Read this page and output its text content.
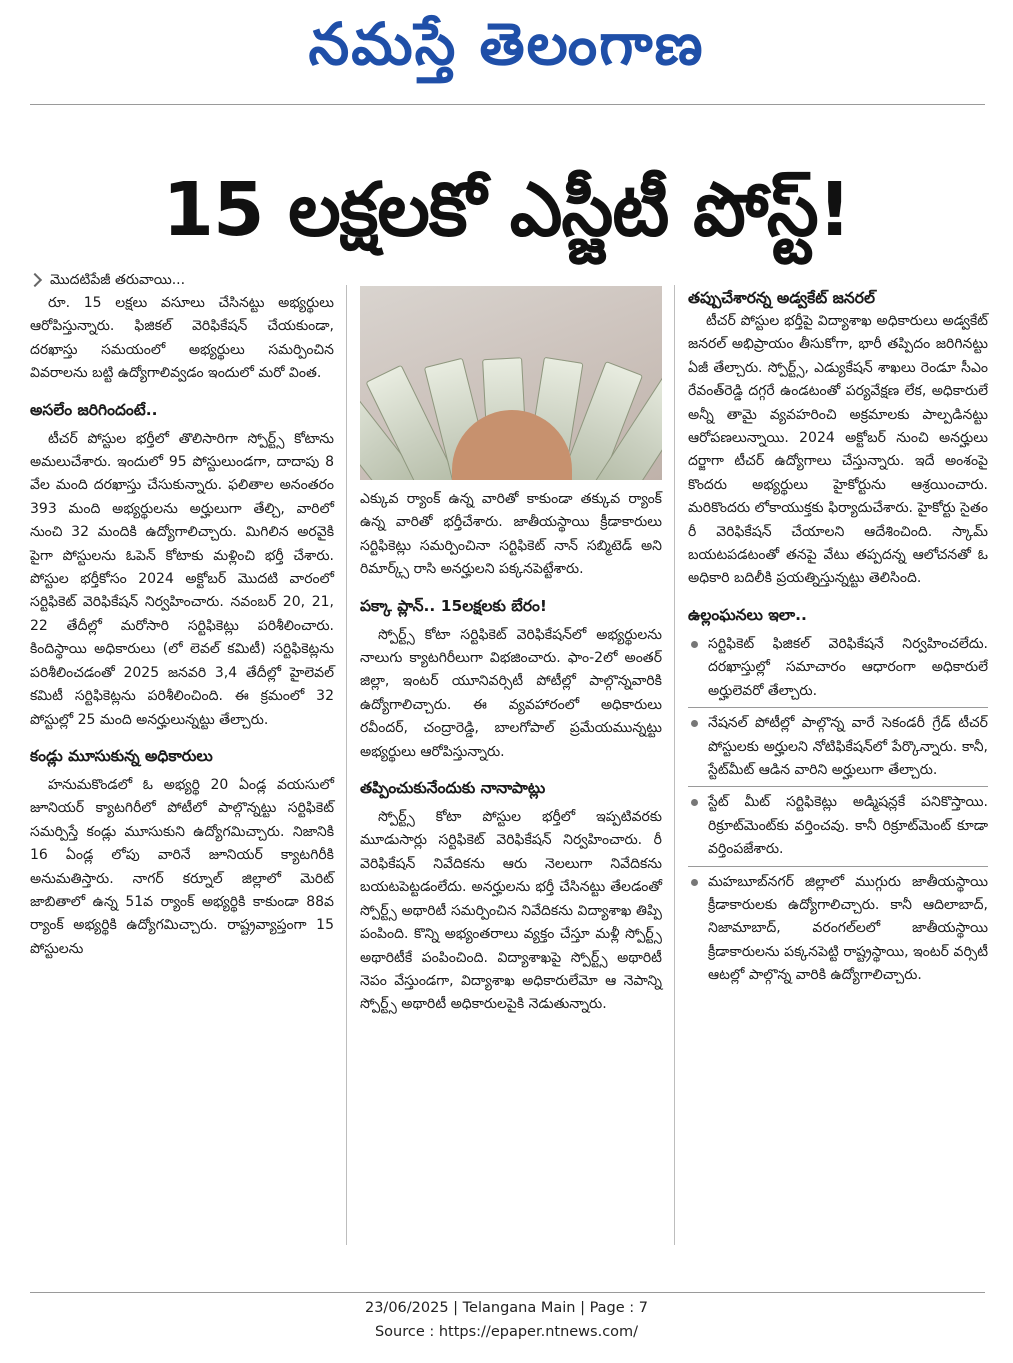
నమస్తే తెలంగాణ
15 లక్షలకో ఎస్జీటీ పోస్ట్!

మొదటిపేజీ తరువాయి...

రూ. 15 లక్షలు వసూలు చేసినట్టు అభ్యర్థులు ఆరోపిస్తున్నారు. ఫిజికల్ వెరిఫికేషన్ చేయకుండా, దరఖాస్తు సమయంలో అభ్యర్థులు సమర్పించిన వివరాలను బట్టి ఉద్యోగాలివ్వడం ఇందులో మరో వింత.

అసలేం జరిగిందంటే..

టీచర్ పోస్టుల భర్తీలో తొలిసారిగా స్పోర్ట్స్ కోటాను అమలుచేశారు. ఇందులో 95 పోస్టులుండగా, దాదాపు 8 వేల మంది దరఖాస్తు చేసుకున్నారు. ఫలితాల అనంతరం 393 మంది అభ్యర్థులను అర్హులుగా తేల్చి, వారిలో నుంచి 32 మందికి ఉద్యోగాలిచ్చారు. మిగిలిన అరవైకి పైగా పోస్టులను ఓపెన్ కోటాకు మళ్లించి భర్తీ చేశారు. పోస్టుల భర్తీకోసం 2024 అక్టోబర్ మొదటి వారంలో సర్టిఫికెట్ వెరిఫికేషన్ నిర్వహించారు. నవంబర్ 20, 21, 22 తేదీల్లో మరోసారి సర్టిఫికెట్లు పరిశీలించారు. కిందిస్థాయి అధికారులు (లో లెవల్ కమిటీ) సర్టిఫికెట్లను పరిశీలించడంతో 2025 జనవరి 3,4 తేదీల్లో హైలెవల్ కమిటీ సర్టిఫికెట్లను పరిశీలించింది. ఈ క్రమంలో 32 పోస్టుల్లో 25 మంది అనర్హులున్నట్టు తేల్చారు.

కండ్లు మూసుకున్న అధికారులు

హనుమకొండలో ఓ అభ్యర్థి 20 ఏండ్ల వయసులో జూనియర్ క్యాటగిరీలో పోటీలో పాల్గొన్నట్టు సర్టిఫికెట్ సమర్పిస్తే కండ్లు మూసుకుని ఉద్యోగమిచ్చారు. నిజానికి 16 ఏండ్ల లోపు వారినే జూనియర్ క్యాటగిరీకి అనుమతిస్తారు. నాగర్ కర్నూల్ జిల్లాలో మెరిట్ జాబితాలో ఉన్న 51వ ర్యాంక్ అభ్యర్థికి కాకుండా 88వ ర్యాంక్ అభ్యర్థికి ఉద్యోగమిచ్చారు. రాష్ట్రవ్యాప్తంగా 15 పోస్టులను

ఎక్కువ ర్యాంక్ ఉన్న వారితో కాకుండా తక్కువ ర్యాంక్ ఉన్న వారితో భర్తీచేశారు. జాతీయస్థాయి క్రీడాకారులు సర్టిఫికెట్లు సమర్పించినా సర్టిఫికెట్ నాన్ సబ్మిటెడ్ అని రిమార్క్స్ రాసి అనర్హులని పక్కనపెట్టేశారు.

పక్కా ప్లాన్.. 15లక్షలకు బేరం!

స్పోర్ట్స్ కోటా సర్టిఫికెట్ వెరిఫికేషన్‌లో అభ్యర్థులను నాలుగు క్యాటగిరీలుగా విభజించారు. ఫాం-2లో అంతర్ జిల్లా, ఇంటర్ యూనివర్సిటీ పోటీల్లో పాల్గొన్నవారికి ఉద్యోగాలిచ్చారు. ఈ వ్యవహారంలో అధికారులు రవీందర్, చంద్రారెడ్డి, బాలగోపాల్ ప్రమేయమున్నట్టు అభ్యర్థులు ఆరోపిస్తున్నారు.

తప్పించుకునేందుకు నానాపాట్లు

స్పోర్ట్స్ కోటా పోస్టుల భర్తీలో ఇప్పటివరకు మూడుసార్లు సర్టిఫికెట్ వెరిఫికేషన్ నిర్వహించారు. రీ వెరిఫికేషన్ నివేదికను ఆరు నెలలుగా నివేదికను బయటపెట్టడంలేదు. అనర్హులను భర్తీ చేసినట్టు తేలడంతో స్పోర్ట్స్ అథారిటీ సమర్పించిన నివేదికను విద్యాశాఖ తిప్పి పంపింది. కొన్ని అభ్యంతరాలు వ్యక్తం చేస్తూ మళ్లీ స్పోర్ట్స్ అథారిటీకే పంపించింది. విద్యాశాఖపై స్పోర్ట్స్ అథారిటీ నెపం వేస్తుండగా, విద్యాశాఖ అధికారులేమో ఆ నెపాన్ని స్పోర్ట్స్ అథారిటీ అధికారులపైకి నెడుతున్నారు.

తప్పుచేశారన్న అడ్వకేట్ జనరల్

టీచర్ పోస్టుల భర్తీపై విద్యాశాఖ అధికారులు అడ్వకేట్ జనరల్ అభిప్రాయం తీసుకోగా, భారీ తప్పిదం జరిగినట్టు ఏజీ తేల్చారు. స్పోర్ట్స్, ఎడ్యుకేషన్ శాఖలు రెండూ సీఎం రేవంత్‌రెడ్డి దగ్గరే ఉండటంతో పర్యవేక్షణ లేక, అధికారులే అన్నీ తామై వ్యవహరించి అక్రమాలకు పాల్పడినట్టు ఆరోపణలున్నాయి. 2024 అక్టోబర్ నుంచి అనర్హులు దర్జాగా టీచర్ ఉద్యోగాలు చేస్తున్నారు. ఇదే అంశంపై కొందరు అభ్యర్థులు హైకోర్టును ఆశ్రయించారు. మరికొందరు లోకాయుక్తకు ఫిర్యాదుచేశారు. హైకోర్టు సైతం రీ వెరిఫికేషన్ చేయాలని ఆదేశించింది. స్కామ్ బయటపడటంతో తనపై వేటు తప్పదన్న ఆలోచనతో ఓ అధికారి బదిలీకి ప్రయత్నిస్తున్నట్టు తెలిసింది.

ఉల్లంఘనలు ఇలా..

సర్టిఫికెట్ ఫిజికల్ వెరిఫికేషనే నిర్వహించలేదు. దరఖాస్తుల్లో సమాచారం ఆధారంగా అధికారులే అర్హులెవరో తేల్చారు.

నేషనల్ పోటీల్లో పాల్గొన్న వారే సెకండరీ గ్రేడ్ టీచర్ పోస్టులకు అర్హులని నోటిఫికేషన్‌లో పేర్కొన్నారు. కానీ, స్టేట్‌మీట్ ఆడిన వారిని అర్హులుగా తేల్చారు.

స్టేట్ మీట్ సర్టిఫికెట్లు అడ్మిషన్లకే పనికొస్తాయి. రిక్రూట్‌మెంట్‌కు వర్తించవు. కానీ రిక్రూట్‌మెంట్ కూడా వర్తింపజేశారు.

మహబూబ్‌నగర్ జిల్లాలో ముగ్గురు జాతీయస్థాయి క్రీడాకారులకు ఉద్యోగాలిచ్చారు. కానీ ఆదిలాబాద్, నిజామాబాద్, వరంగల్‌లలో జాతీయస్థాయి క్రీడాకారులను పక్కనపెట్టి రాష్ట్రస్థాయి, ఇంటర్ వర్సిటీ ఆటల్లో పాల్గొన్న వారికి ఉద్యోగాలిచ్చారు.

23/06/2025 | Telangana Main | Page : 7
Source : https://epaper.ntnews.com/
